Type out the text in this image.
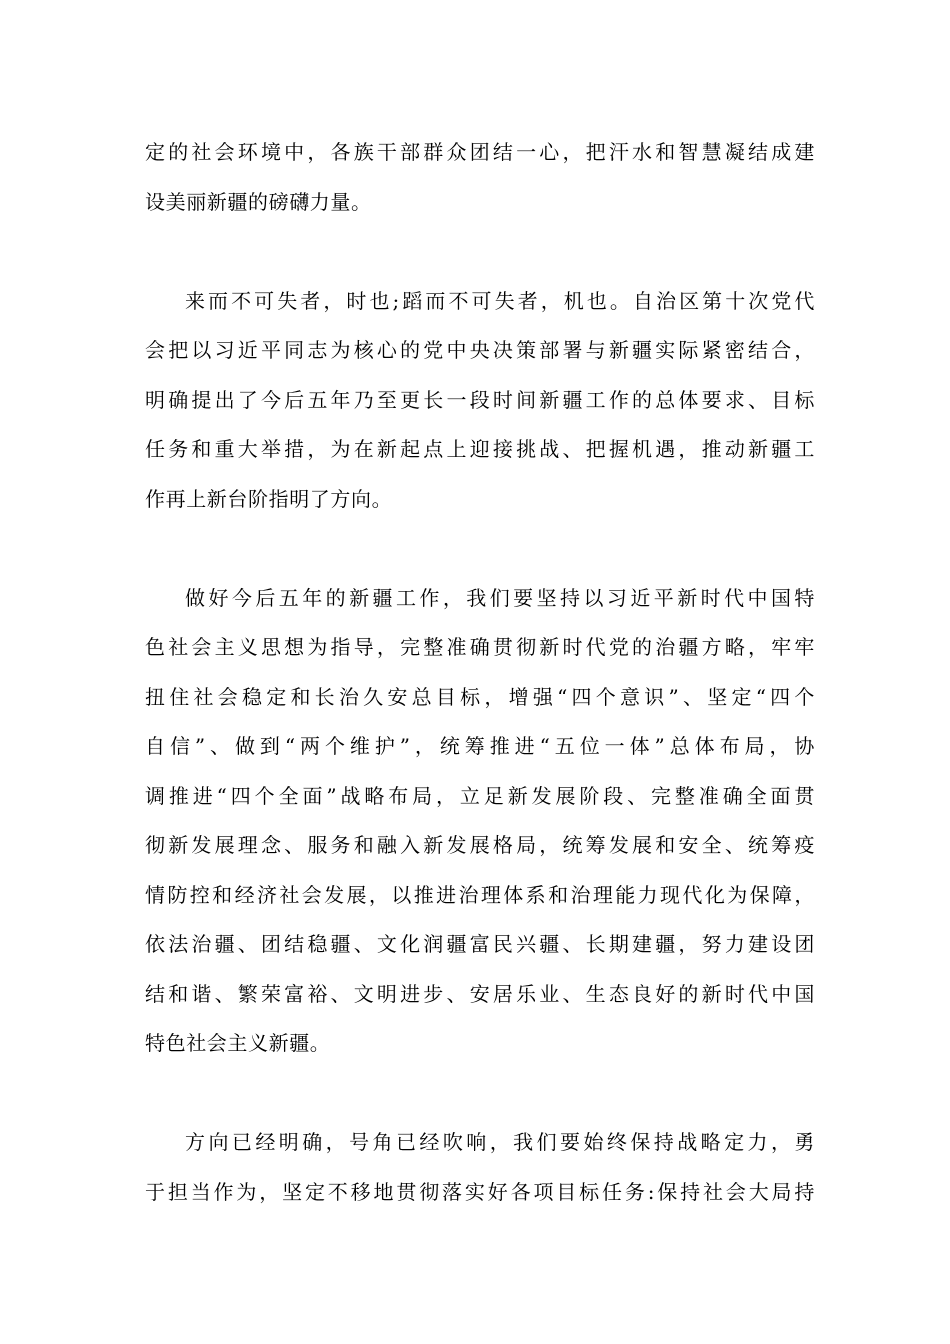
定的社会环境中，各族干部群众团结一心，把汗水和智慧凝结成建
设美丽新疆的磅礴力量。
来而不可失者，时也;蹈而不可失者，机也。自治区第十次党代
会把以习近平同志为核心的党中央决策部署与新疆实际紧密结合，
明确提出了今后五年乃至更长一段时间新疆工作的总体要求、目标
任务和重大举措，为在新起点上迎接挑战、把握机遇，推动新疆工
作再上新台阶指明了方向。
做好今后五年的新疆工作，我们要坚持以习近平新时代中国特
色社会主义思想为指导，完整准确贯彻新时代党的治疆方略，牢牢
扭住社会稳定和长治久安总目标，增强“四个意识”、坚定“四个
自信”、做到“两个维护”，统筹推进“五位一体”总体布局，协
调推进“四个全面”战略布局，立足新发展阶段、完整准确全面贯
彻新发展理念、服务和融入新发展格局，统筹发展和安全、统筹疫
情防控和经济社会发展，以推进治理体系和治理能力现代化为保障，
依法治疆、团结稳疆、文化润疆富民兴疆、长期建疆，努力建设团
结和谐、繁荣富裕、文明进步、安居乐业、生态良好的新时代中国
特色社会主义新疆。
方向已经明确，号角已经吹响，我们要始终保持战略定力，勇
于担当作为，坚定不移地贯彻落实好各项目标任务:保持社会大局持
